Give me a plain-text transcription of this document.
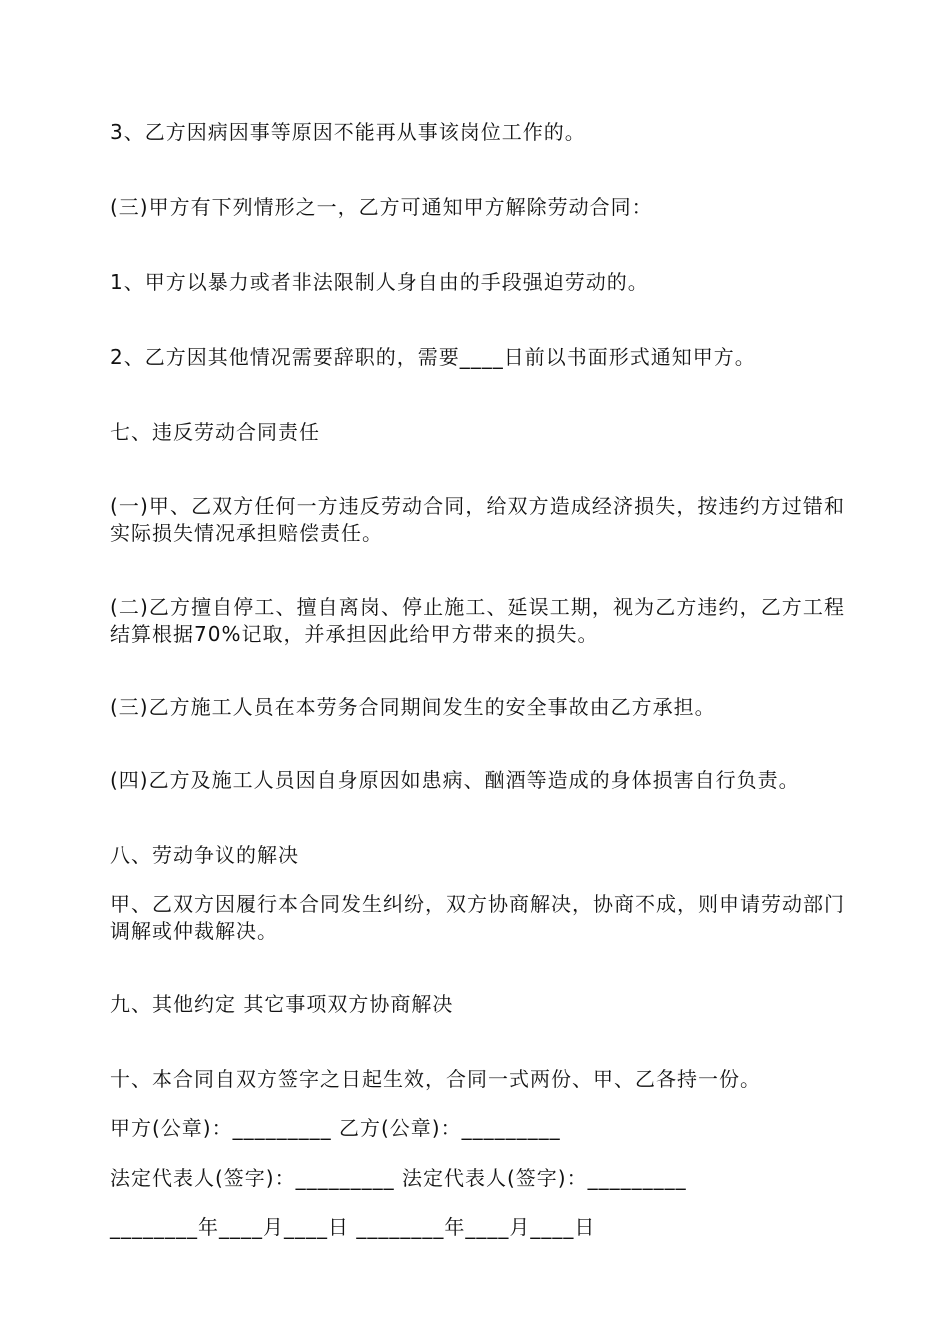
3、乙方因病因事等原因不能再从事该岗位工作的。

(三)甲方有下列情形之一，乙方可通知甲方解除劳动合同：

1、甲方以暴力或者非法限制人身自由的手段强迫劳动的。

2、乙方因其他情况需要辞职的，需要____日前以书面形式通知甲方。

七、违反劳动合同责任

(一)甲、乙双方任何一方违反劳动合同，给双方造成经济损失，按违约方过错和实际损失情况承担赔偿责任。

(二)乙方擅自停工、擅自离岗、停止施工、延误工期，视为乙方违约，乙方工程结算根据70%记取，并承担因此给甲方带来的损失。

(三)乙方施工人员在本劳务合同期间发生的安全事故由乙方承担。

(四)乙方及施工人员因自身原因如患病、酗酒等造成的身体损害自行负责。

八、劳动争议的解决

甲、乙双方因履行本合同发生纠纷，双方协商解决，协商不成，则申请劳动部门调解或仲裁解决。

九、其他约定 其它事项双方协商解决

十、本合同自双方签字之日起生效，合同一式两份、甲、乙各持一份。

甲方(公章)：_________ 乙方(公章)：_________

法定代表人(签字)：_________ 法定代表人(签字)：_________

________年____月____日 ________年____月____日
